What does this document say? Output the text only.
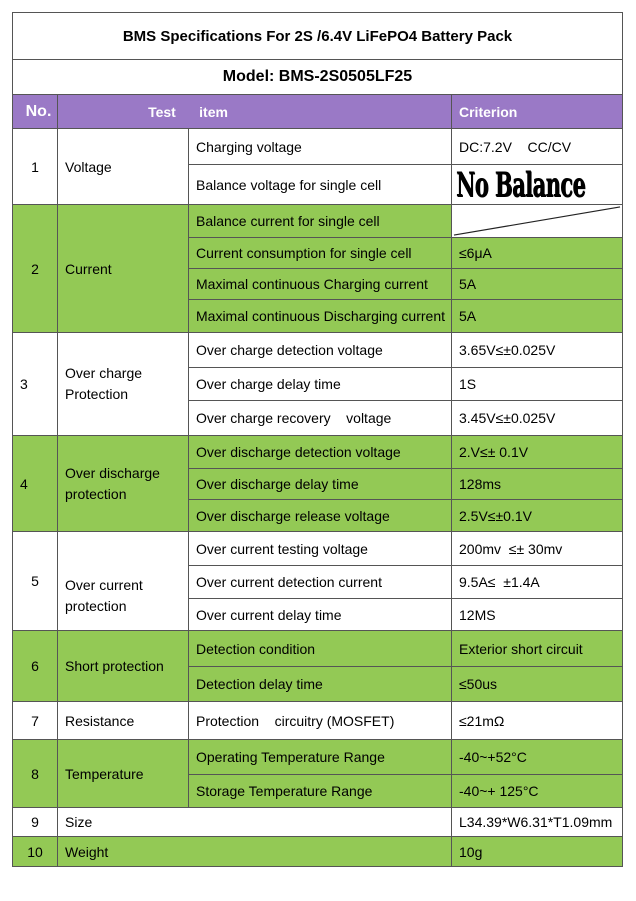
BMS Specifications For 2S /6.4V LiFePO4 Battery Pack			
Model: BMS-2S0505LF25			
No.	Test      item		Criterion
1	Voltage	Charging voltage	DC:7.2V    CC/CV
		Balance voltage for single cell	No Balance
2	Current	Balance current for single cell	

		Current consumption for single cell	≤6μA
		Maximal continuous Charging current	5A
		Maximal continuous Discharging current	5A
3	Over charge Protection	Over charge detection voltage	3.65V≤±0.025V
		Over charge delay time	1S
		Over charge recovery    voltage	3.45V≤±0.025V
4	Over discharge protection	Over discharge detection voltage	2.V≤± 0.1V
		Over discharge delay time	128ms
		Over discharge release voltage	2.5V≤±0.1V
5	Over current protection	Over current testing voltage	200mv  ≤± 30mv
		Over current detection current	9.5A≤  ±1.4A
		Over current delay time	12MS
6	Short protection	Detection condition	Exterior short circuit
		Detection delay time	≤50us
7	Resistance	Protection    circuitry (MOSFET)	≤21mΩ
8	Temperature	Operating Temperature Range	-40~+52°C
		Storage Temperature Range	-40~+ 125°C
9	Size		L34.39*W6.31*T1.09mm
10	Weight		10g
